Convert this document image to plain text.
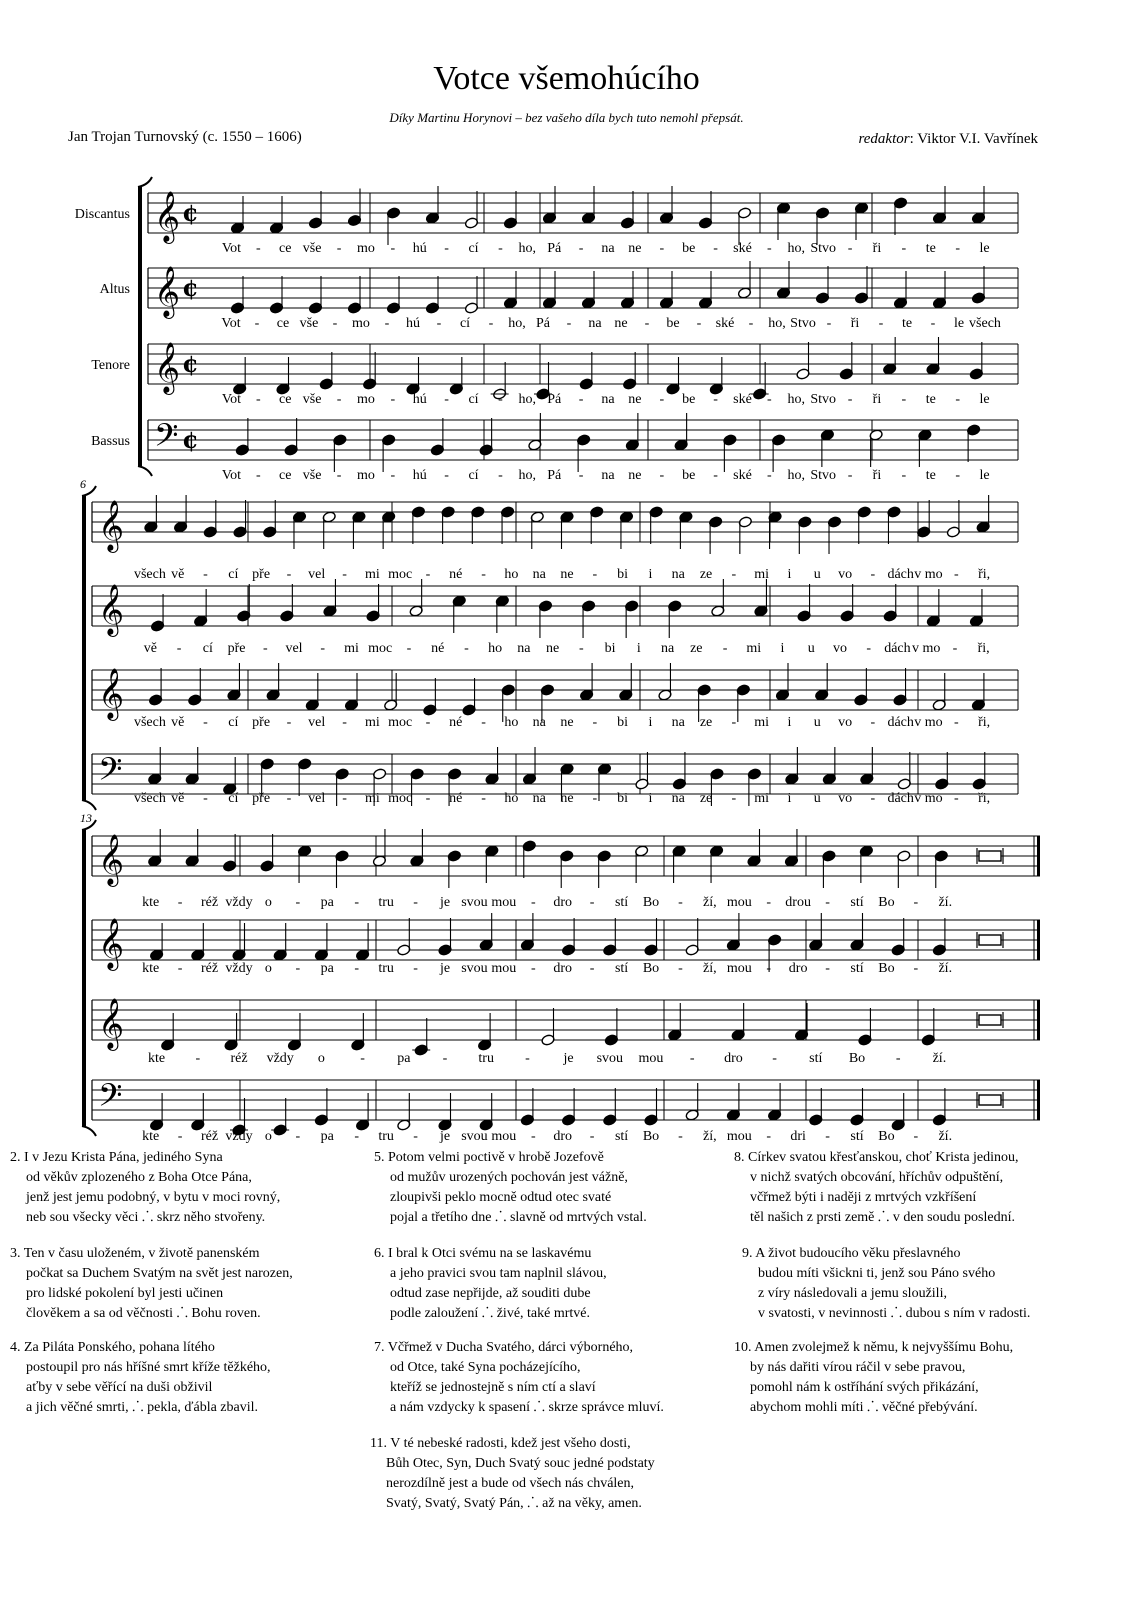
Votce všemohúcího
Díky Martinu Horynovi – bez vašeho díla bych tuto nemohl přepsát.
Jan Trojan Turnovský (c. 1550 – 1606)	redaktor: Viktor V.I. Vavřínek
𝄞 ¢
Discantus
Vot - ce vše - mo - hú - cí - ho, Pá - na ne - be - ské - ho, Stvo - ři - te - le
𝄞 ¢
Altus
Vot - ce vše - mo - hú - cí - ho, Pá - na ne - be - ské - ho, Stvo - ři - te - le všech
𝄞 ¢
Tenore
Vot - ce vše - mo - hú - cí - ho, Pá - na ne - be - ské - ho, Stvo - ři - te - le
𝄢 ¢
Bassus
Vot - ce vše - mo - hú - cí - ho, Pá - na ne - be - ské - ho, Stvo - ři - te - le
6
𝄞
všech vě - cí pře - vel - mi moc - né - ho na ne - bi i na ze - mi i u vo - dách v mo - ři,
𝄞
vě - cí pře - vel - mi moc - né - ho na ne - bi i na ze - mi i u vo - dách v mo - ři,
𝄞
všech vě - cí pře - vel - mi moc - né - ho na ne - bi i na ze - mi i u vo - dách v mo - ři,
𝄢
všech vě - cí pře - vel - mi moc - né - ho na ne - bi i na ze - mi i u vo - dách v mo - ři,
13
𝄞
kte - réž vždy o - pa - tru - je svou mou - dro - stí Bo - ží, mou - drou - stí Bo - ží.
𝄞 kte - réž vždy o - pa - tru - je svou mou - dro - stí Bo - ží, mou - dro - stí Bo - ží.
𝄞
kte - réž vždy o	- pa - tru - je svou mou - dro - stí Bo - ží.
𝄢
kte - réž vždy o - pa - tru - je svou mou - dro - stí Bo - ží, mou - dri - stí Bo - ží.
2. I v Jezu Krista Pána, jediného Syna
od věkův zplozeného z Boha Otce Pána,
jenž jest jemu podobný, v bytu v moci rovný,
neb sou všecky věci ⸫ skrz něho stvořeny.
3. Ten v času uloženém, v životě panenském
počkat sa Duchem Svatým na svět jest narozen,
pro lidské pokolení byl jesti učinen
člověkem a sa od věčnosti ⸫ Bohu roven.
4. Za Piláta Ponského, pohana lítého
postoupil pro nás hříšné smrt kříže těžkého,
aťby v sebe věřící na duši obživil
a jich věčné smrti, ⸫ pekla, ďábla zbavil.
5. Potom velmi poctivě v hrobě Jozefově
od mužův urozených pochován jest vážně,
zloupivši peklo mocně odtud otec svaté
pojal a třetího dne ⸫ slavně od mrtvých vstal.
6. I bral k Otci svému na se laskavému
a jeho pravici svou tam naplnil slávou,
odtud zase nepřijde, až souditi dube
podle zaloužení ⸫ živé, také mrtvé.
7. Včřmež v Ducha Svatého, dárci výborného,
od Otce, také Syna pocházejícího,
kteříž se jednostejně s ním ctí a slaví
a nám vzdycky k spasení ⸫ skrze správce mluví.
11. V té nebeské radosti, kdež jest všeho dosti,
Bůh Otec, Syn, Duch Svatý souc jedné podstaty
nerozdílně jest a bude od všech nás chválen,
Svatý, Svatý, Svatý Pán, ⸫ až na věky, amen.
8. Církev svatou křesťanskou, choť Krista jedinou,
v nichž svatých obcování, hříchův odpuštění,
včřmež býti i naději z mrtvých vzkříšení
těl našich z prsti země ⸫ v den soudu poslední.
9. A život budoucího věku přeslavného
budou míti všickni ti, jenž sou Páno svého
z víry následovali a jemu sloužili,
v svatosti, v nevinnosti ⸫ dubou s ním v radosti.
10. Amen zvolejmež k němu, k nejvyššímu Bohu,
by nás dařiti vírou ráčil v sebe pravou,
pomohl nám k ostříhání svých přikázání,
abychom mohli míti ⸫ věčné přebývání.
